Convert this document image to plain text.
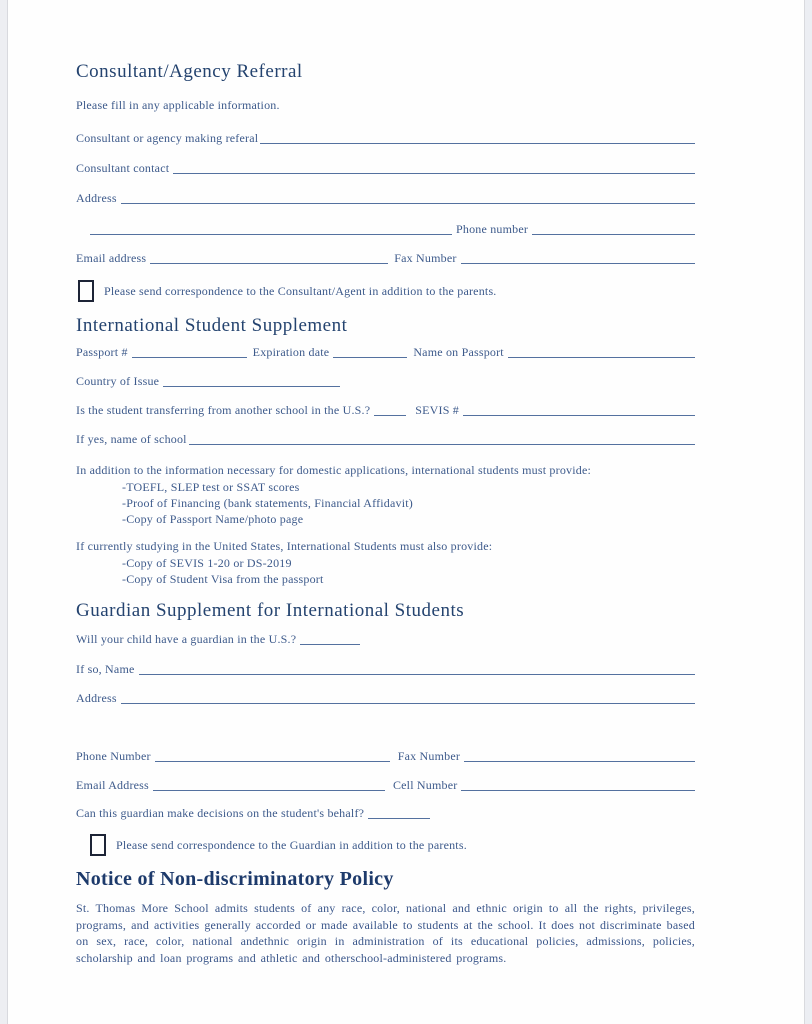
Consultant/Agency Referral
Please fill in any applicable information.
Consultant or agency making referal
Consultant contact
Address
Phone number
Email address	Fax Number
Please send correspondence to the Consultant/Agent in addition to the parents.
International Student Supplement
Passport #	Expiration date	Name on Passport
Country of Issue
Is the student transferring from another school in the U.S.?	SEVIS #
If yes, name of school
In addition to the information necessary for domestic applications, international students must provide:
-TOEFL, SLEP test or SSAT scores
-Proof of Financing (bank statements, Financial Affidavit)
-Copy of Passport Name/photo page
If currently studying in the United States, International Students must also provide:
-Copy of SEVIS 1-20 or DS-2019
-Copy of Student Visa from the passport
Guardian Supplement for International Students
Will your child have a guardian in the U.S.?
If so, Name
Address
Phone Number	Fax Number
Email Address	Cell Number
Can this guardian make decisions on the student's behalf?
Please send correspondence to the Guardian in addition to the parents.
Notice of Non-discriminatory Policy

St. Thomas More School admits students of any race, color, national and ethnic origin to all the rights, privileges, programs, and activities generally accorded or made available to students at the school. It does not discriminate based on sex, race, color, national andethnic origin in administration of its educational policies, admissions, policies, scholarship and loan programs and athletic and otherschool-administered programs.
